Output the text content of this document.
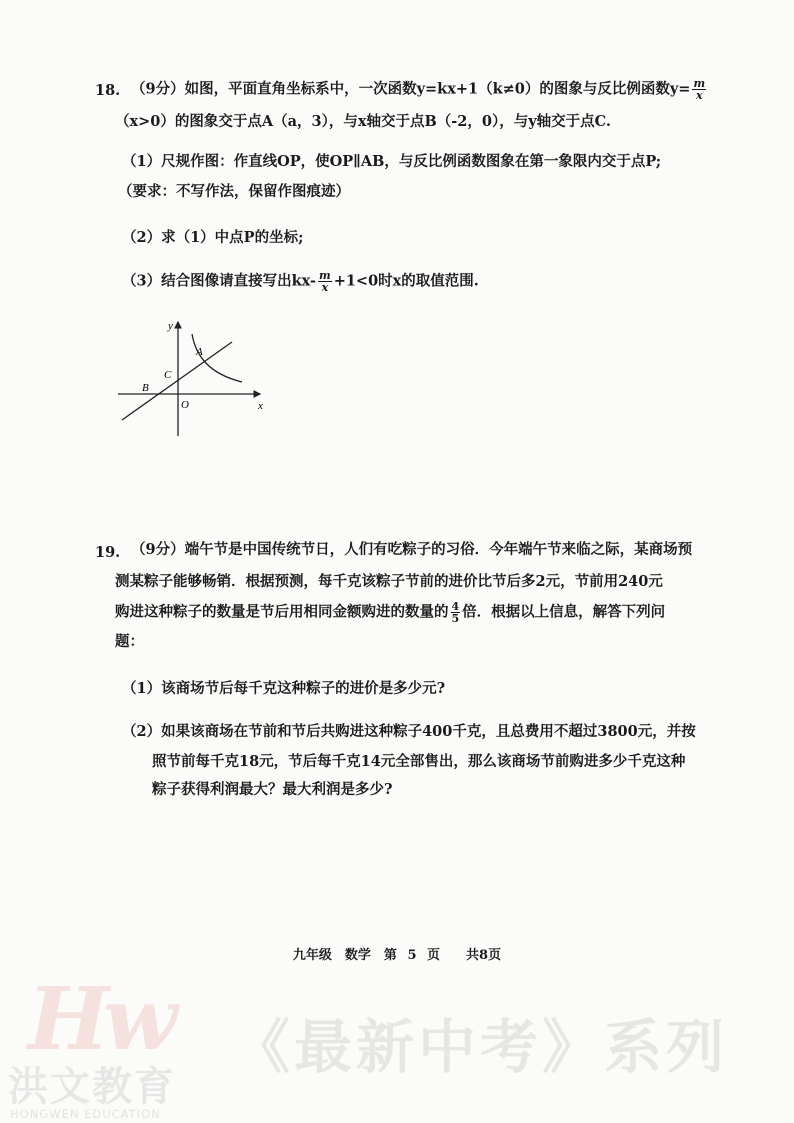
18. （9分）如图，平面直角坐标系中，一次函数y=kx+1（k≠0）的图象与反比例函数$y= \frac{m}{x}$
（x>0）的图象交于点A（a，3），与x轴交于点B（-2，0），与y轴交于点C.
（1）尺规作图：作直线OP，使OP∥AB，与反比例函数图象在第一象限内交于点P;
（要求：不写作法，保留作图痕迹）
（2）求（1）中点P的坐标;
（3）结合图像请直接写出$kx- \frac{m}{x} +1<0$时x的取值范围.
y
x
A
B
C
O
19. （9分）端午节是中国传统节日，人们有吃粽子的习俗．今年端午节来临之际，某商场预
测某粽子能够畅销．根据预测，每千克该粽子节前的进价比节后多2元，节前用240元
购进这种粽子的数量是节后用相同金额购进的数量的 $\frac{4}{5}$ 倍．根据以上信息，解答下列问
题：
（1）该商场节后每千克这种粽子的进价是多少元?
（2）如果该商场在节前和节后共购进这种粽子400千克，且总费用不超过3800元，并按
照节前每千克18元，节后每千克14元全部售出，那么该商场节前购进多少千克这种
粽子获得利润最大？最大利润是多少?
九年级　数学　第 5 页　　共8页
Hw
洪文教育
HONGWEN EDUCATION
《最新中考》系列
